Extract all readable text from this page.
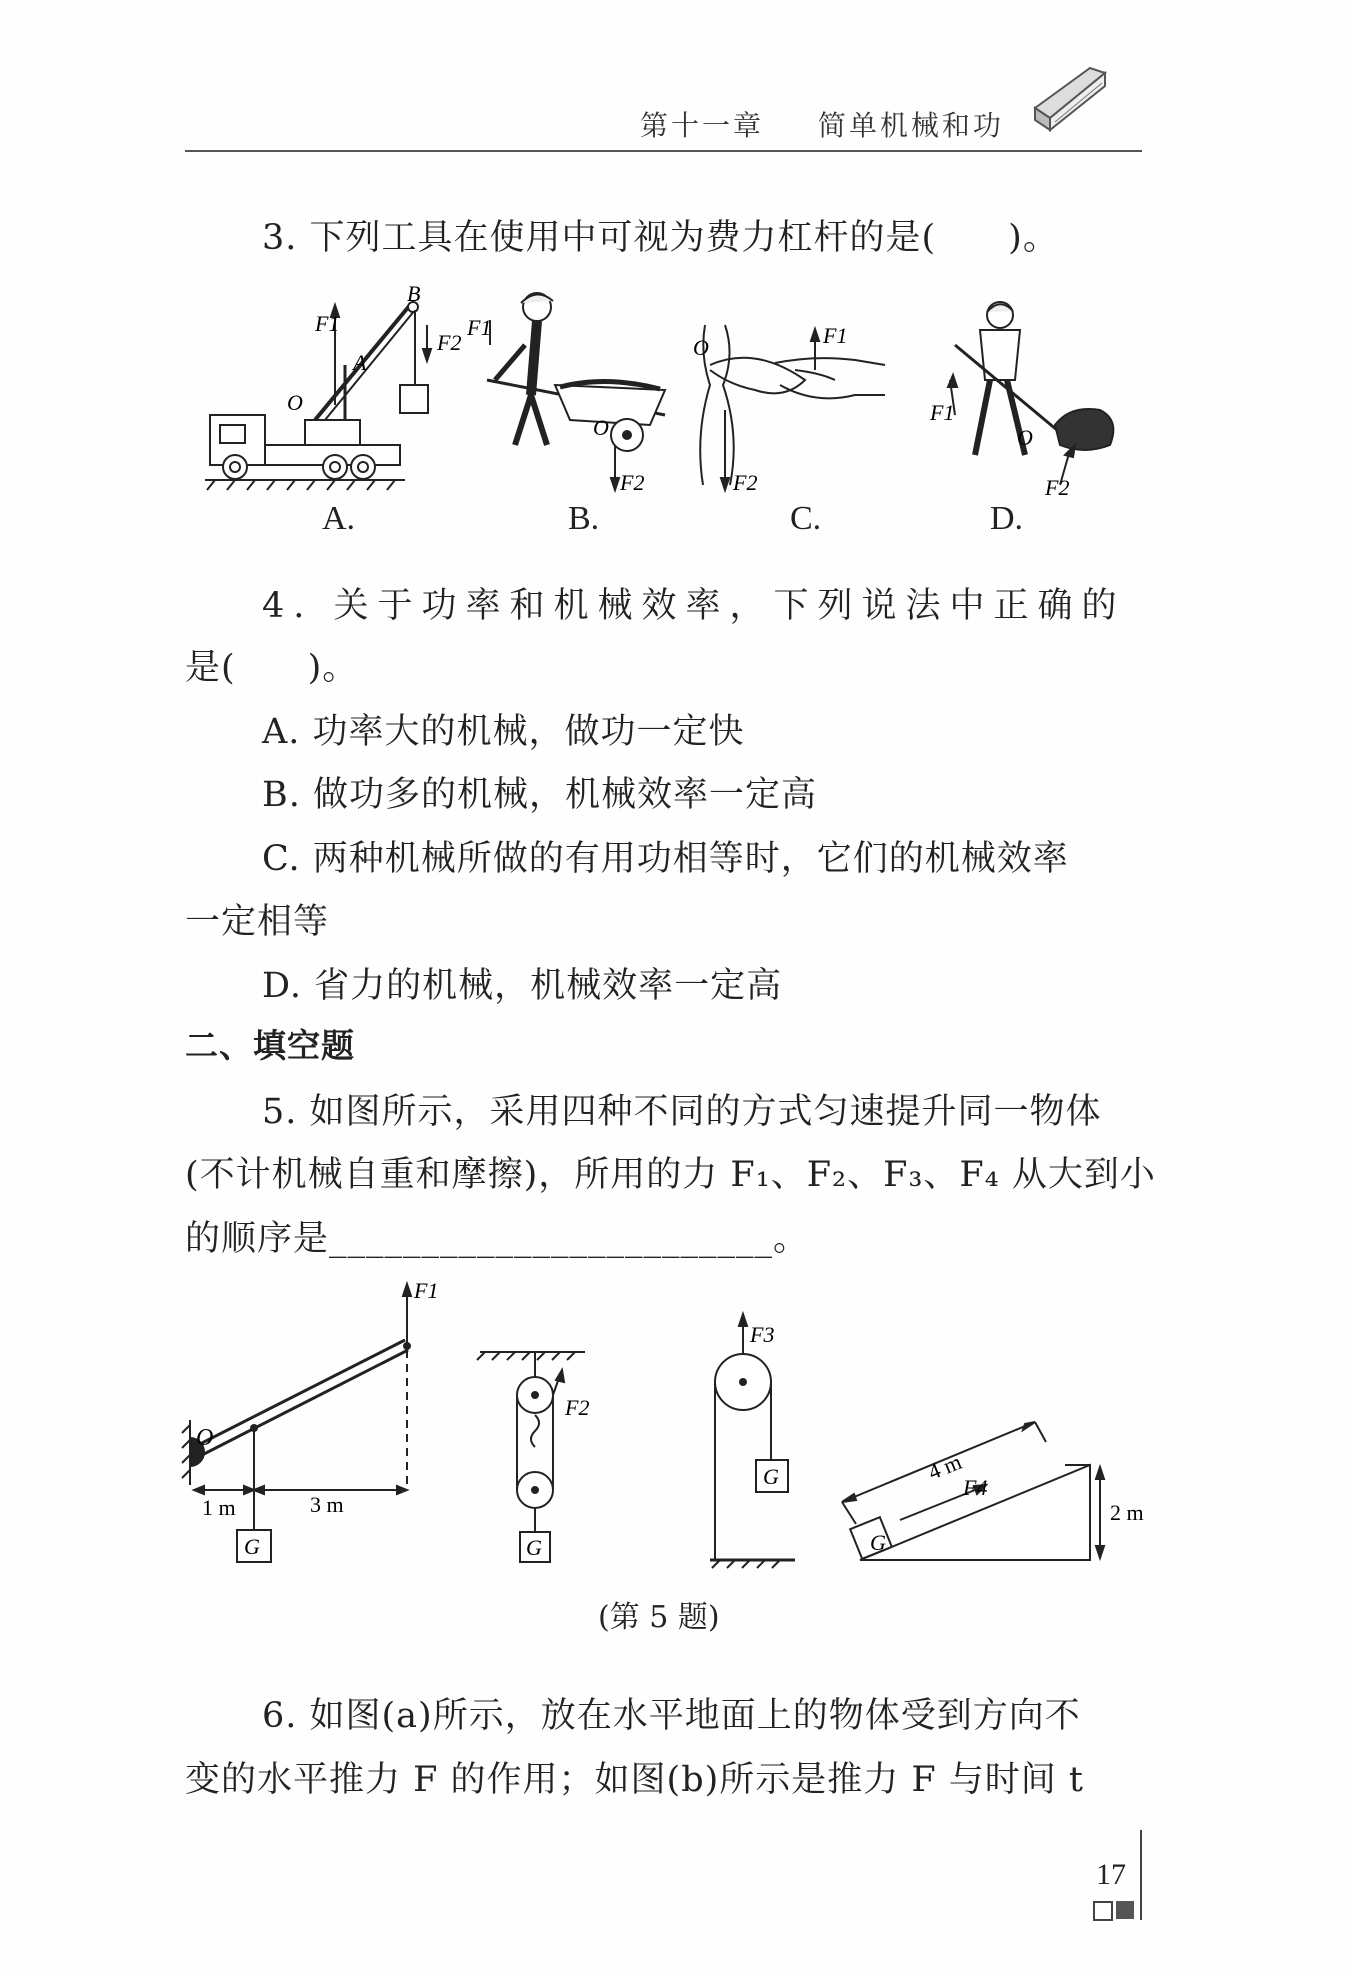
第十一章 简单机械和功
3. 下列工具在使用中可视为费力杠杆的是(　　)。
F1
F2
B
A
O
F1
O
F2
O	F1
F2
F1
O
F2
A.	B.	C.	D.
4. 关于功率和机械效率，下列说法中正确的
是(　　)。
A. 功率大的机械，做功一定快
B. 做功多的机械，机械效率一定高
C. 两种机械所做的有用功相等时，它们的机械效率
一定相等
D. 省力的机械，机械效率一定高
二、填空题
5. 如图所示，采用四种不同的方式匀速提升同一物体
(不计机械自重和摩擦)，所用的力 F₁、F₂、F₃、F₄ 从大到小
的顺序是________________________。
O
F1
1 m	3 m
G
F2
G
F3
G	4 m
F4
2 m
G
(第 5 题)
6. 如图(a)所示，放在水平地面上的物体受到方向不
变的水平推力 F 的作用；如图(b)所示是推力 F 与时间 t
17
